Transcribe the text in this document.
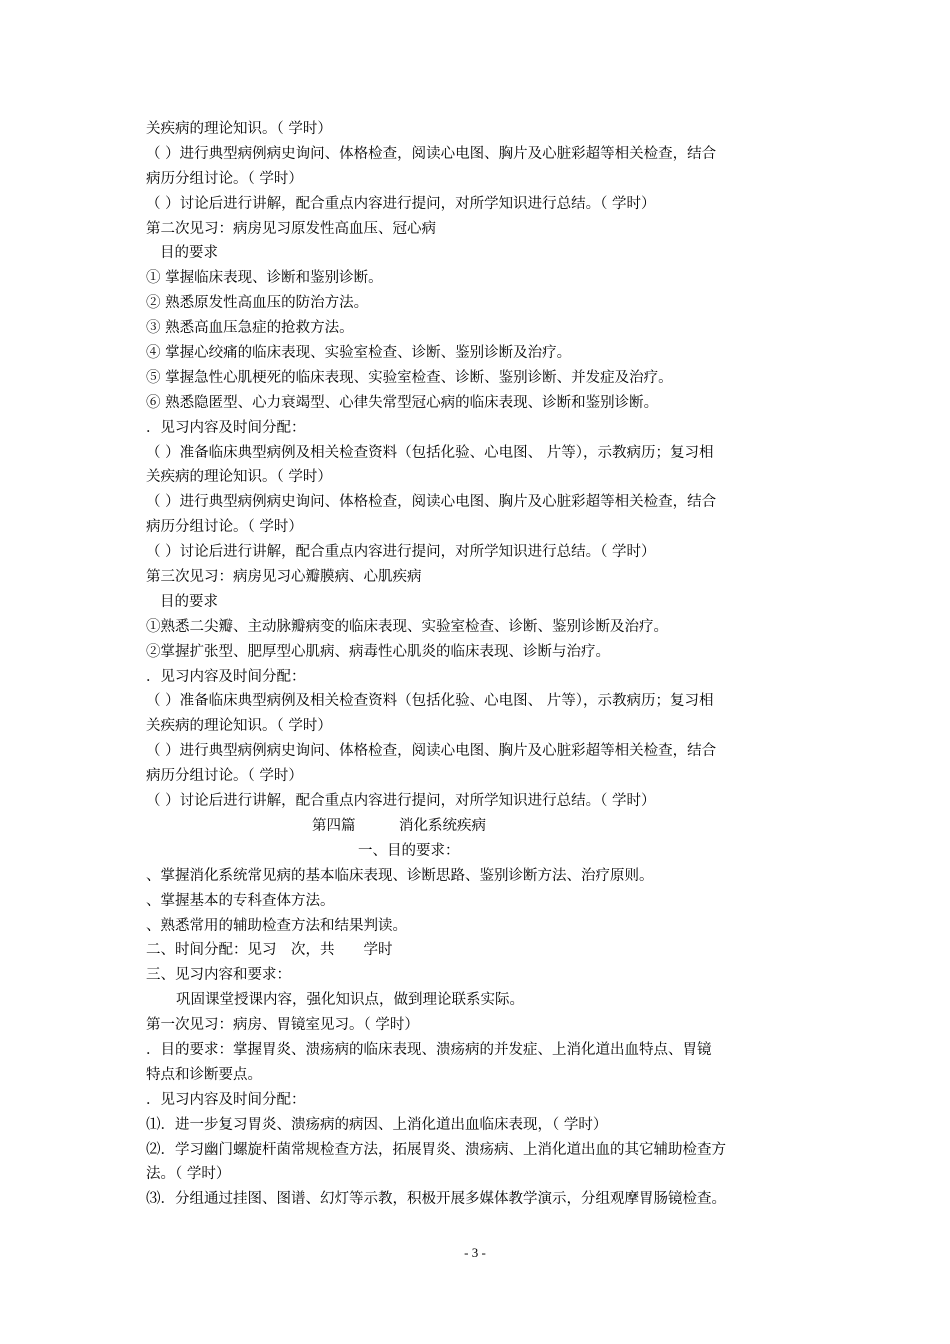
关疾病的理论知识。（ 学时）
（ ）进行典型病例病史询问、体格检查，阅读心电图、胸片及心脏彩超等相关检查，结合
病历分组讨论。（ 学时）
（ ）讨论后进行讲解，配合重点内容进行提问，对所学知识进行总结。（ 学时）
第二次见习：病房见习原发性高血压、冠心病
目的要求
① 掌握临床表现、诊断和鉴别诊断。
② 熟悉原发性高血压的防治方法。
③ 熟悉高血压急症的抢救方法。
④ 掌握心绞痛的临床表现、实验室检查、诊断、鉴别诊断及治疗。
⑤ 掌握急性心肌梗死的临床表现、实验室检查、诊断、鉴别诊断、并发症及治疗。
⑥ 熟悉隐匿型、心力衰竭型、心律失常型冠心病的临床表现、诊断和鉴别诊断。
．见习内容及时间分配：
（ ）准备临床典型病例及相关检查资料（包括化验、心电图、 片等），示教病历；复习相
关疾病的理论知识。（ 学时）
（ ）进行典型病例病史询问、体格检查，阅读心电图、胸片及心脏彩超等相关检查，结合
病历分组讨论。（ 学时）
（ ）讨论后进行讲解，配合重点内容进行提问，对所学知识进行总结。（ 学时）
第三次见习：病房见习心瓣膜病、心肌疾病
目的要求
①熟悉二尖瓣、主动脉瓣病变的临床表现、实验室检查、诊断、鉴别诊断及治疗。
②掌握扩张型、肥厚型心肌病、病毒性心肌炎的临床表现、诊断与治疗。
．见习内容及时间分配：
（ ）准备临床典型病例及相关检查资料（包括化验、心电图、 片等），示教病历；复习相
关疾病的理论知识。（ 学时）
（ ）进行典型病例病史询问、体格检查，阅读心电图、胸片及心脏彩超等相关检查，结合
病历分组讨论。（ 学时）
（ ）讨论后进行讲解，配合重点内容进行提问，对所学知识进行总结。（ 学时）
第四篇　　　消化系统疾病
一、目的要求：
、掌握消化系统常见病的基本临床表现、诊断思路、鉴别诊断方法、治疗原则。
、掌握基本的专科查体方法。
、熟悉常用的辅助检查方法和结果判读。
二、时间分配：见习　次，共　　学时
三、见习内容和要求：
巩固课堂授课内容，强化知识点，做到理论联系实际。
第一次见习：病房、胃镜室见习。（ 学时）
．目的要求：掌握胃炎、溃疡病的临床表现、溃疡病的并发症、上消化道出血特点、胃镜
特点和诊断要点。
．见习内容及时间分配：
⑴．进一步复习胃炎、溃疡病的病因、上消化道出血临床表现，（ 学时）
⑵．学习幽门螺旋杆菌常规检查方法，拓展胃炎、溃疡病、上消化道出血的其它辅助检查方
法。（ 学时）
⑶．分组通过挂图、图谱、幻灯等示教，积极开展多媒体教学演示，分组观摩胃肠镜检查。
- 3 -
